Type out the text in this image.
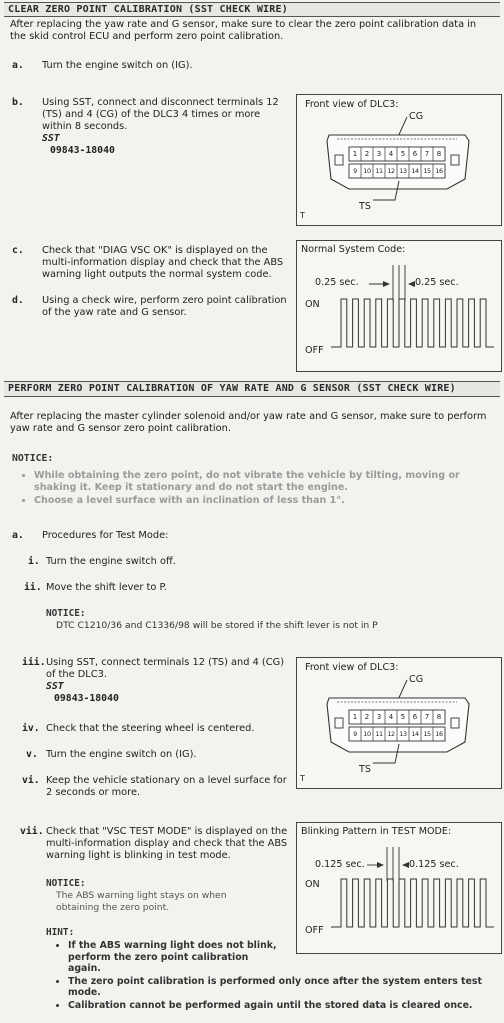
CLEAR ZERO POINT CALIBRATION (SST CHECK WIRE)
After replacing the yaw rate and G sensor, make sure to clear the zero point calibration data in the skid control ECU and perform zero point calibration.
a. Turn the engine switch on (IG).
b.	Using SST, connect and disconnect terminals 12 (TS) and 4 (CG) of the DLC3 4 times or more within 8 seconds.
SST
09843-18040
Front view of DLC3:
CG
TS
T
1	2	3	4	5	6	7	8
9	10 11 12 13 14 15 16
c.	Check that "DIAG VSC OK" is displayed on the multi-information display and check that the ABS warning light outputs the normal system code.
d.	Using a check wire, perform zero point calibration of the yaw rate and G sensor.
Normal System Code:
0.25 sec.	0.25 sec.
ON
OFF
PERFORM ZERO POINT CALIBRATION OF YAW RATE AND G SENSOR (SST CHECK WIRE)
After replacing the master cylinder solenoid and/or yaw rate and G sensor, make sure to perform yaw rate and G sensor zero point calibration.
NOTICE:
• While obtaining the zero point, do not vibrate the vehicle by tilting, moving or shaking it. Keep it stationary and do not start the engine.
• Choose a level surface with an inclination of less than 1°.
a. Procedures for Test Mode:
i. Turn the engine switch off.
ii. Move the shift lever to P.
NOTICE:
DTC C1210/36 and C1336/98 will be stored if the shift lever is not in P
iii. Using SST, connect terminals 12 (TS) and 4 (CG) of the DLC3.
SST
09843-18040
iv. Check that the steering wheel is centered.
v. Turn the engine switch on (IG).
vi. Keep the vehicle stationary on a level surface for 2 seconds or more.
Front view of DLC3:
CG
TS
T
1	2	3	4	5	6	7	8
9	10 11 12 13 14 15 16
vii. Check that "VSC TEST MODE" is displayed on the multi-information display and check that the ABS warning light is blinking in test mode.
NOTICE:
The ABS warning light stays on when obtaining the zero point.
HINT:
• If the ABS warning light does not blink, perform the zero point calibration again.
• The zero point calibration is performed only once after the system enters test mode.
• Calibration cannot be performed again until the stored data is cleared once.
Blinking Pattern in TEST MODE:
0.125 sec.	0.125 sec.
ON
OFF
